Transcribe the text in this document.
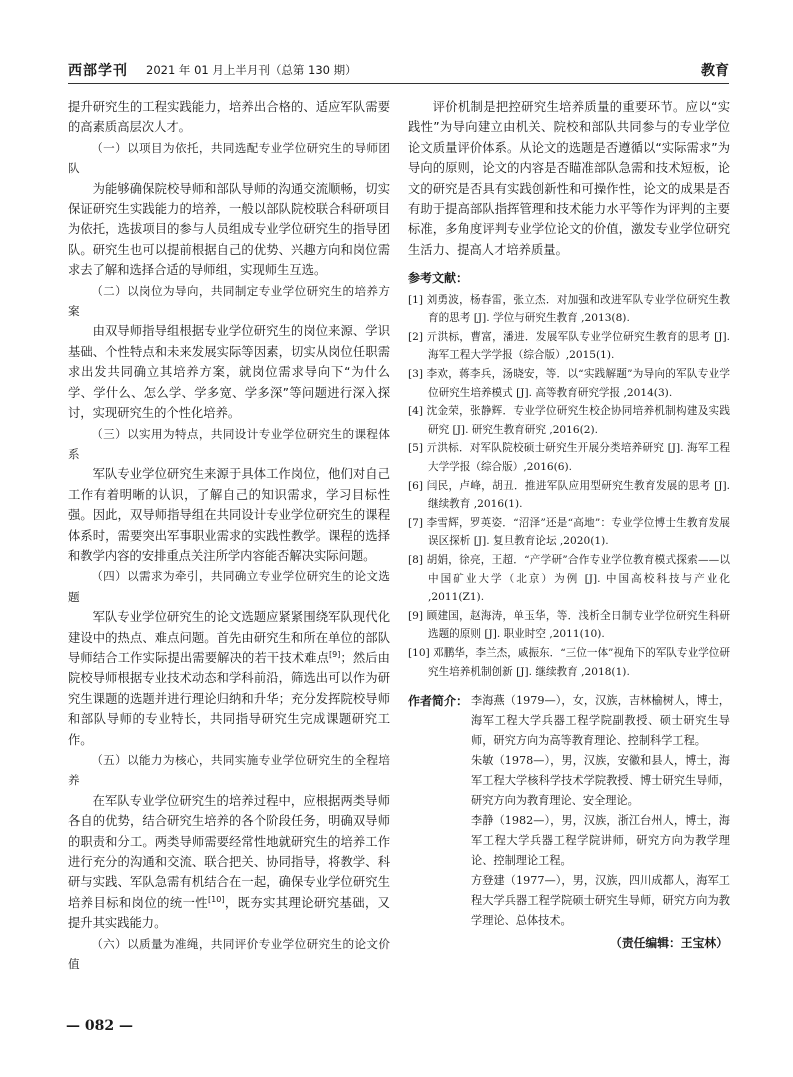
西部学刊 2021 年 01 月上半月刊（总第 130 期）	教育
提升研究生的工程实践能力，培养出合格的、适应军队需要的高素质高层次人才。
（一）以项目为依托，共同选配专业学位研究生的导师团队
为能够确保院校导师和部队导师的沟通交流顺畅，切实保证研究生实践能力的培养，一般以部队院校联合科研项目为依托，选拔项目的参与人员组成专业学位研究生的指导团队。研究生也可以提前根据自己的优势、兴趣方向和岗位需求去了解和选择合适的导师组，实现师生互选。
（二）以岗位为导向，共同制定专业学位研究生的培养方案
由双导师指导组根据专业学位研究生的岗位来源、学识基础、个性特点和未来发展实际等因素，切实从岗位任职需求出发共同确立其培养方案，就岗位需求导向下“为什么学、学什么、怎么学、学多宽、学多深”等问题进行深入探讨，实现研究生的个性化培养。
（三）以实用为特点，共同设计专业学位研究生的课程体系
军队专业学位研究生来源于具体工作岗位，他们对自己工作有着明晰的认识，了解自己的知识需求，学习目标性强。因此，双导师指导组在共同设计专业学位研究生的课程体系时，需要突出军事职业需求的实践性教学。课程的选择和教学内容的安排重点关注所学内容能否解决实际问题。
（四）以需求为牵引，共同确立专业学位研究生的论文选题
军队专业学位研究生的论文选题应紧紧围绕军队现代化建设中的热点、难点问题。首先由研究生和所在单位的部队导师结合工作实际提出需要解决的若干技术难点[9]；然后由院校导师根据专业技术动态和学科前沿，筛选出可以作为研究生课题的选题并进行理论归纳和升华；充分发挥院校导师和部队导师的专业特长，共同指导研究生完成课题研究工作。
（五）以能力为核心，共同实施专业学位研究生的全程培养
在军队专业学位研究生的培养过程中，应根据两类导师各自的优势，结合研究生培养的各个阶段任务，明确双导师的职责和分工。两类导师需要经常性地就研究生的培养工作进行充分的沟通和交流、联合把关、协同指导，将教学、科研与实践、军队急需有机结合在一起，确保专业学位研究生培养目标和岗位的统一性[10]，既夯实其理论研究基础，又提升其实践能力。
（六）以质量为准绳，共同评价专业学位研究生的论文价值
评价机制是把控研究生培养质量的重要环节。应以“实践性”为导向建立由机关、院校和部队共同参与的专业学位论文质量评价体系。从论文的选题是否遵循以“实际需求”为导向的原则，论文的内容是否瞄准部队急需和技术短板，论文的研究是否具有实践创新性和可操作性，论文的成果是否有助于提高部队指挥管理和技术能力水平等作为评判的主要标准，多角度评判专业学位论文的价值，激发专业学位研究生活力、提高人才培养质量。
参考文献：
[1] 刘勇波，杨春雷，张立杰．对加强和改进军队专业学位研究生教育的思考 [J]. 学位与研究生教育 ,2013(8).
[2] 亓洪标，曹富，潘进．发展军队专业学位研究生教育的思考 [J]. 海军工程大学学报（综合版）,2015(1).
[3] 李欢，蒋李兵，汤晓安，等．以“实践解题”为导向的军队专业学位研究生培养模式 [J]. 高等教育研究学报 ,2014(3).
[4] 沈金荣，张静辉．专业学位研究生校企协同培养机制构建及实践研究 [J]. 研究生教育研究 ,2016(2).
[5] 亓洪标．对军队院校硕士研究生开展分类培养研究 [J]. 海军工程大学学报（综合版）,2016(6).
[6] 闫民，卢峰，胡丑．推进军队应用型研究生教育发展的思考 [J]. 继续教育 ,2016(1).
[7] 李雪辉，罗英姿．“沼泽”还是“高地”：专业学位博士生教育发展误区探析 [J]. 复旦教育论坛 ,2020(1).
[8] 胡娟，徐亮，王超．“产学研”合作专业学位教育模式探索——以中国矿业大学（北京）为例 [J]. 中国高校科技与产业化 ,2011(Z1).
[9] 顾建国，赵海涛，单玉华，等．浅析全日制专业学位研究生科研选题的原则 [J]. 职业时空 ,2011(10).
[10] 邓鹏华，李兰杰，戚振东．“三位一体”视角下的军队专业学位研究生培养机制创新 [J]. 继续教育 ,2018(1).
作者简介： 李海燕（1979—），女，汉族，吉林榆树人，博士，海军工程大学兵器工程学院副教授、硕士研究生导师，研究方向为高等教育理论、控制科学工程。
朱敏（1978—），男，汉族，安徽和县人，博士，海军工程大学核科学技术学院教授、博士研究生导师，研究方向为教育理论、安全理论。
李静（1982—），男，汉族，浙江台州人，博士，海军工程大学兵器工程学院讲师，研究方向为教学理论、控制理论工程。
方登建（1977—），男，汉族，四川成都人，海军工程大学兵器工程学院硕士研究生导师，研究方向为教学理论、总体技术。
（责任编辑：王宝林）
— 082 —
